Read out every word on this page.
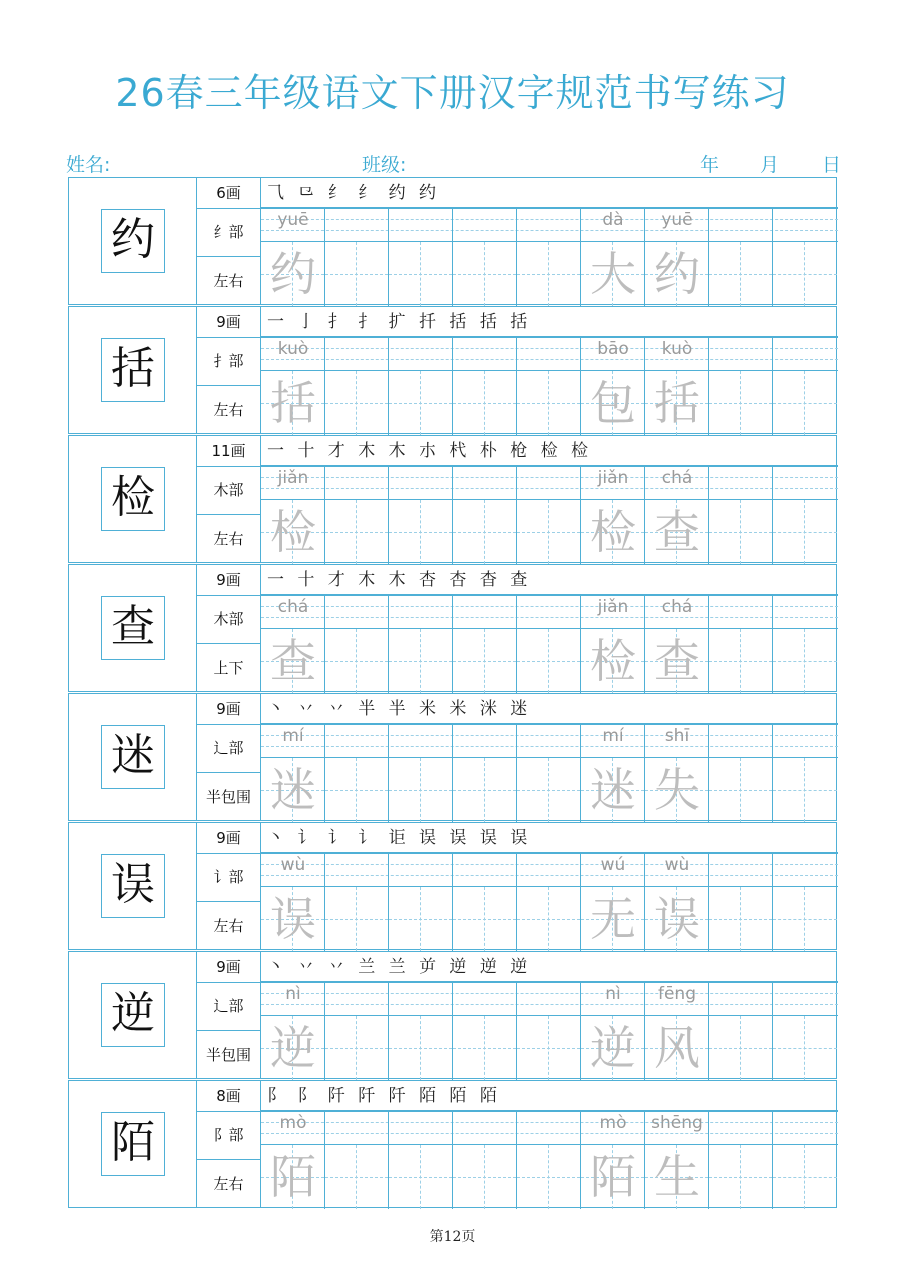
26春三年级语文下册汉字规范书写练习
姓名:	班级:	年 月 日
约
6画
纟部
左右
⺄ ⺋ 纟 纟 约 约
yuē
约
dà
大
yuē
约
括
9画
扌部
左右
一 亅 扌 扌 扩 扦 括 括 括
kuò
括
bāo
包
kuò
括
检
11画
木部
左右
一 十 才 木 木 朩 杙 朴 枪 检 检
jiǎn
检
jiǎn
检
chá
查
查
9画
木部
上下
一 十 才 木 木 杏 杏 杳 查
chá
查
jiǎn
检
chá
查
迷
9画
辶部
半包围
丶 丷 丷 半 半 米 米 洣 迷
mí
迷
mí
迷
shī
失
误
9画
讠部
左右
丶 讠 讠 讠 讵 误 误 误 误
wù
误
wú
无
wù
误
逆
9画
辶部
半包围
丶 丷 丷 兰 兰 屰 逆 逆 逆
nì
逆
nì
逆
fēng
风
陌
8画
阝部
左右
阝 阝 阡 阡 阡 陌 陌 陌
mò
陌
mò
陌
shēng
生
第12页
